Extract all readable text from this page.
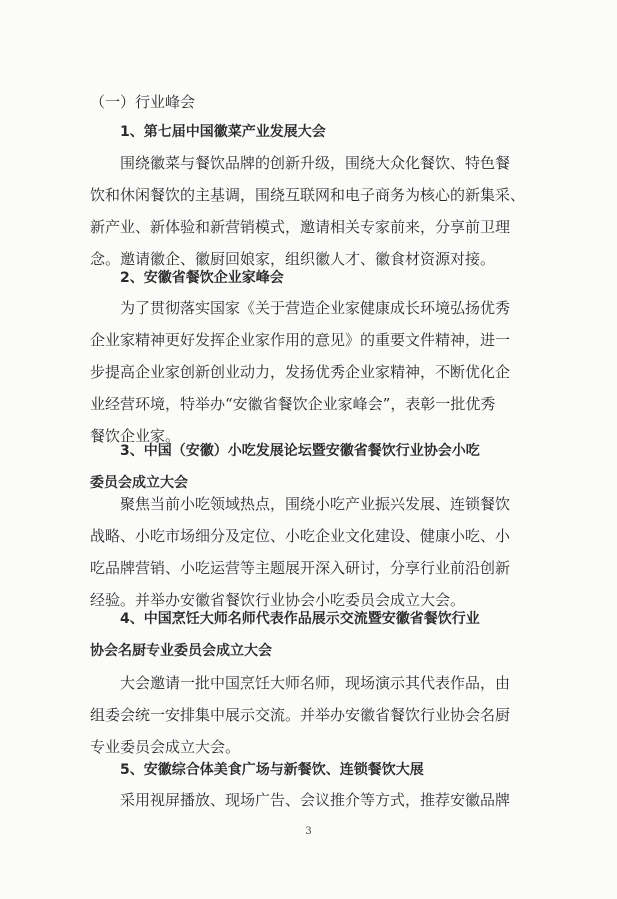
（一）行业峰会
1、第七届中国徽菜产业发展大会
围绕徽菜与餐饮品牌的创新升级，围绕大众化餐饮、特色餐
饮和休闲餐饮的主基调，围绕互联网和电子商务为核心的新集采、
新产业、新体验和新营销模式，邀请相关专家前来，分享前卫理
念。邀请徽企、徽厨回娘家，组织徽人才、徽食材资源对接。
2、安徽省餐饮企业家峰会
为了贯彻落实国家《关于营造企业家健康成长环境弘扬优秀
企业家精神更好发挥企业家作用的意见》的重要文件精神，进一
步提高企业家创新创业动力，发扬优秀企业家精神，不断优化企
业经营环境，特举办“安徽省餐饮企业家峰会”，表彰一批优秀
餐饮企业家。
3、中国（安徽）小吃发展论坛暨安徽省餐饮行业协会小吃
委员会成立大会
聚焦当前小吃领域热点，围绕小吃产业振兴发展、连锁餐饮
战略、小吃市场细分及定位、小吃企业文化建设、健康小吃、小
吃品牌营销、小吃运营等主题展开深入研讨，分享行业前沿创新
经验。并举办安徽省餐饮行业协会小吃委员会成立大会。
4、中国烹饪大师名师代表作品展示交流暨安徽省餐饮行业
协会名厨专业委员会成立大会
大会邀请一批中国烹饪大师名师，现场演示其代表作品，由
组委会统一安排集中展示交流。并举办安徽省餐饮行业协会名厨
专业委员会成立大会。
5、安徽综合体美食广场与新餐饮、连锁餐饮大展
采用视屏播放、现场广告、会议推介等方式，推荐安徽品牌
3
